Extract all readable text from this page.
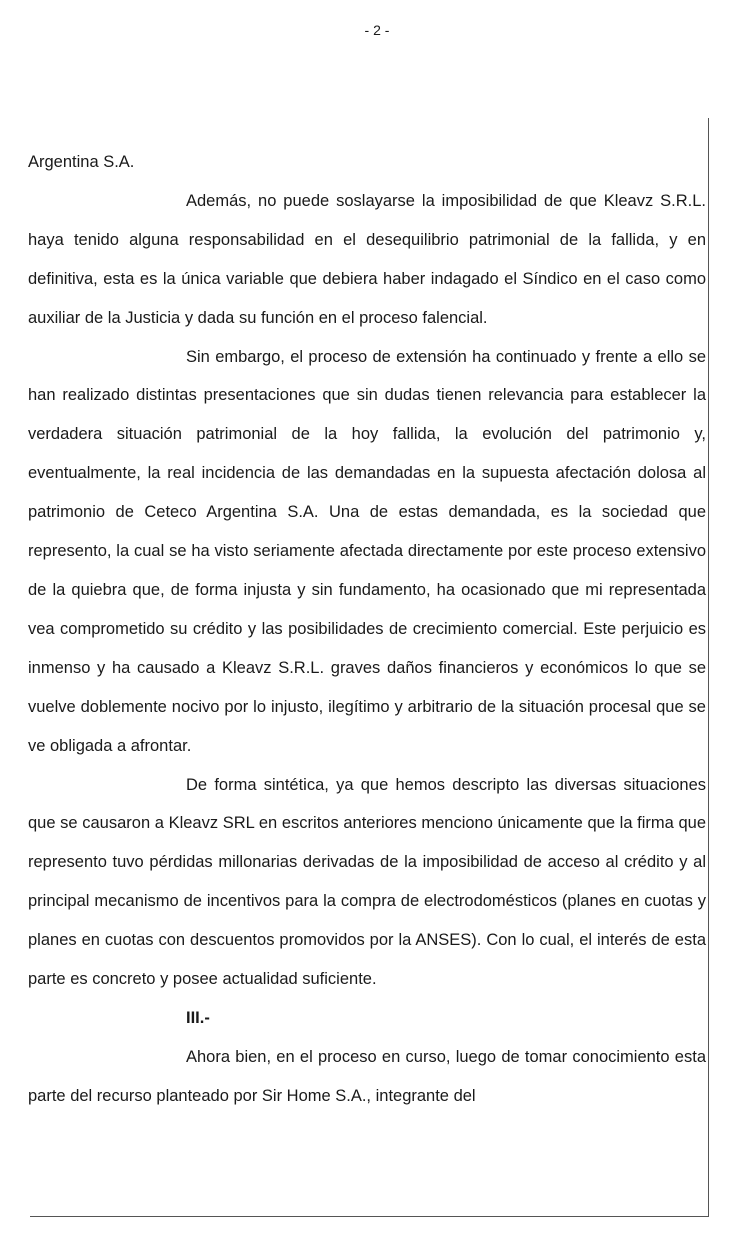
- 2 -

Argentina S.A.

Además, no puede soslayarse la imposibilidad de que Kleavz S.R.L. haya tenido alguna responsabilidad en el desequilibrio patrimonial de la fallida, y en definitiva, esta es la única variable que debiera haber indagado el Síndico en el caso como auxiliar de la Justicia y dada su función en el proceso falencial.

Sin embargo, el proceso de extensión ha continuado y frente a ello se han realizado distintas presentaciones que sin dudas tienen relevancia para establecer la verdadera situación patrimonial de la hoy fallida, la evolución del patrimonio y, eventualmente, la real incidencia de las demandadas en la supuesta afectación dolosa al patrimonio de Ceteco Argentina S.A. Una de estas demandada, es la sociedad que represento, la cual se ha visto seriamente afectada directamente por este proceso extensivo de la quiebra que, de forma injusta y sin fundamento, ha ocasionado que mi representada vea comprometido su crédito y las posibilidades de crecimiento comercial. Este perjuicio es inmenso y ha causado a Kleavz S.R.L. graves daños financieros y económicos lo que se vuelve doblemente nocivo por lo injusto, ilegítimo y arbitrario de la situación procesal que se ve obligada a afrontar.

De forma sintética, ya que hemos descripto las diversas situaciones que se causaron a Kleavz SRL en escritos anteriores menciono únicamente que la firma que represento tuvo pérdidas millonarias derivadas de la imposibilidad de acceso al crédito y al principal mecanismo de incentivos para la compra de electrodomésticos (planes en cuotas y planes en cuotas con descuentos promovidos por la ANSES). Con lo cual, el interés de esta parte es concreto y posee actualidad suficiente.

III.-

Ahora bien, en el proceso en curso, luego de tomar conocimiento esta parte del recurso planteado por Sir Home S.A., integrante del
